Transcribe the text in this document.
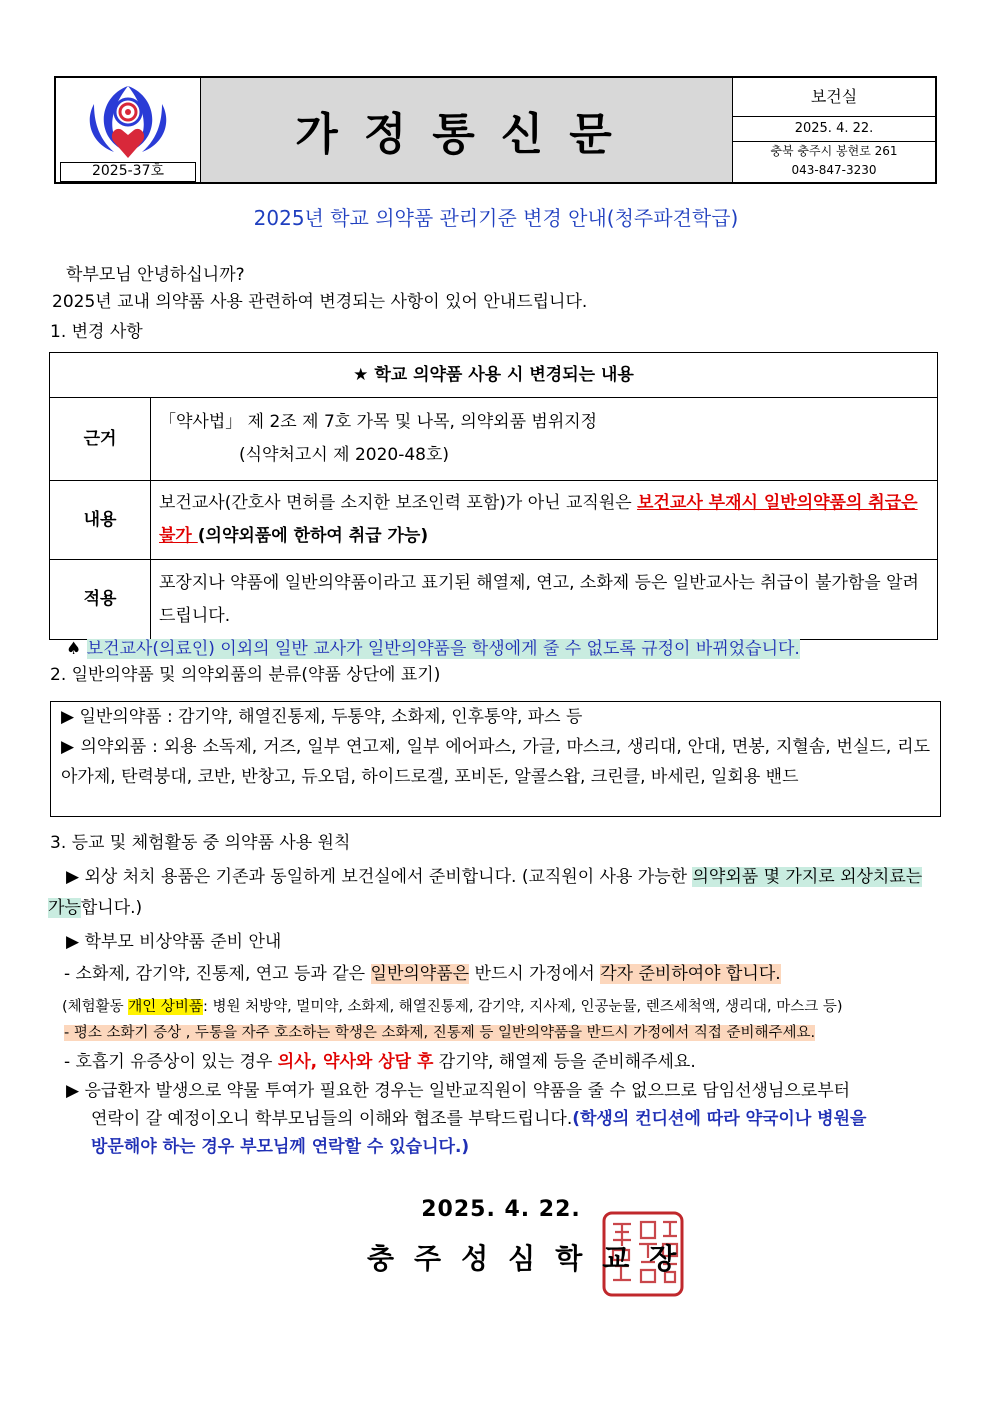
2025-37호
가정통신문
보건실
2025. 4. 22.
충북 충주시 봉현로 261
043-847-3230
2025년 학교 의약품 관리기준 변경 안내(청주파견학급)
학부모님 안녕하십니까?
2025년 교내 의약품 사용 관련하여 변경되는 사항이 있어 안내드립니다.
1. 변경 사항
★ 학교 의약품 사용 시 변경되는 내용	
근거	「약사법」 제 2조 제 7호 가목 및 나목, 의약외품 범위지정
(식약처고시 제 2020-48호)

내용	보건교사(간호사 면허를 소지한 보조인력 포함)가 아닌 교직원은 보건교사 부재시 일반의약품의 취급은 불가 (의약외품에 한하여 취급 가능)
적용	포장지나 약품에 일반의약품이라고 표기된 해열제, 연고, 소화제 등은 일반교사는 취급이 불가함을 알려드립니다.
♠ 보건교사(의료인) 이외의 일반 교사가 일반의약품을 학생에게 줄 수 없도록 규정이 바뀌었습니다.
2. 일반의약품 및 의약외품의 분류(약품 상단에 표기)
▶ 일반의약품 : 감기약, 해열진통제, 두통약, 소화제, 인후통약, 파스 등
▶ 의약외품 : 외용 소독제, 거즈, 일부 연고제, 일부 에어파스, 가글, 마스크, 생리대, 안대, 면봉, 지혈솜, 번실드, 리도아가제, 탄력붕대, 코반, 반창고, 듀오덤, 하이드로겔, 포비돈, 알콜스왑, 크린클, 바세린, 일회용 밴드
3. 등교 및 체험활동 중 의약품 사용 원칙
▶ 외상 처치 용품은 기존과 동일하게 보건실에서 준비합니다. (교직원이 사용 가능한 의약외품 몇 가지로 외상치료는
가능합니다.)
▶ 학부모 비상약품 준비 안내
- 소화제, 감기약, 진통제, 연고 등과 같은 일반의약품은 반드시 가정에서 각자 준비하여야 합니다.
(체험활동 개인 상비품: 병원 처방약, 멀미약, 소화제, 해열진통제, 감기약, 지사제, 인공눈물, 렌즈세척액, 생리대, 마스크 등)
- 평소 소화기 증상 , 두통을 자주 호소하는 학생은 소화제, 진통제 등 일반의약품을 반드시 가정에서 직접 준비해주세요.
- 호흡기 유증상이 있는 경우 의사, 약사와 상담 후 감기약, 해열제 등을 준비해주세요.
▶ 응급환자 발생으로 약물 투여가 필요한 경우는 일반교직원이 약품을 줄 수 없으므로 담임선생님으로부터
연락이 갈 예정이오니 학부모님들의 이해와 협조를 부탁드립니다.(학생의 컨디션에 따라 약국이나 병원을
방문해야 하는 경우 부모님께 연락할 수 있습니다.)
2025. 4. 22.
충주성심학교장
